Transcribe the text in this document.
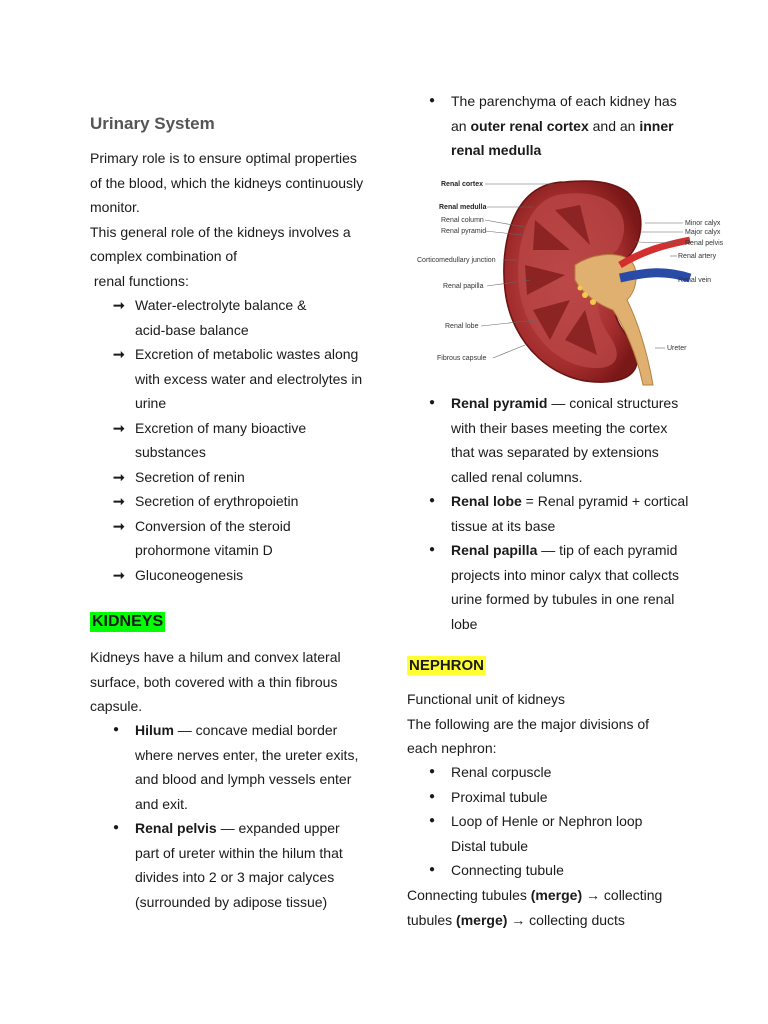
Urinary System

Primary role is to ensure optimal properties

of the blood, which the kidneys continuously

monitor.

This general role of the kidneys involves a

complex combination of

renal functions:

➞ Water-electrolyte balance &
acid-base balance
➞ Excretion of metabolic wastes along
with excess water and electrolytes in
urine
➞ Excretion of many bioactive
substances
➞ Secretion of renin
➞ Secretion of erythropoietin
➞ Conversion of the steroid
prohormone vitamin D
➞ Gluconeogenesis
KIDNEYS

Kidneys have a hilum and convex lateral

surface, both covered with a thin fibrous

capsule.

● Hilum — concave medial border where nerves enter, the ureter exits, and blood and lymph vessels enter and exit.
● Renal pelvis — expanded upper part of ureter within the hilum that divides into 2 or 3 major calyces (surrounded by adipose tissue)
● The parenchyma of each kidney has an outer renal cortex and an inner renal medulla
Renal cortex
Renal medulla
Renal column
Renal pyramid
Corticomedullary junction
Renal papilla
Renal lobe
Fibrous capsule
Minor calyx
Major calyx
Renal pelvis
Renal artery
Renal vein
Ureter
● Renal pyramid — conical structures with their bases meeting the cortex that was separated by extensions called renal columns.
● Renal lobe = Renal pyramid + cortical tissue at its base
● Renal papilla — tip of each pyramid projects into minor calyx that collects urine formed by tubules in one renal lobe
NEPHRON

Functional unit of kidneys

The following are the major divisions of

each nephron:

● Renal corpuscle
● Proximal tubule
● Loop of Henle or Nephron loop
Distal tubule
● Connecting tubule

Connecting tubules (merge) → collecting

tubules (merge) → collecting ducts
